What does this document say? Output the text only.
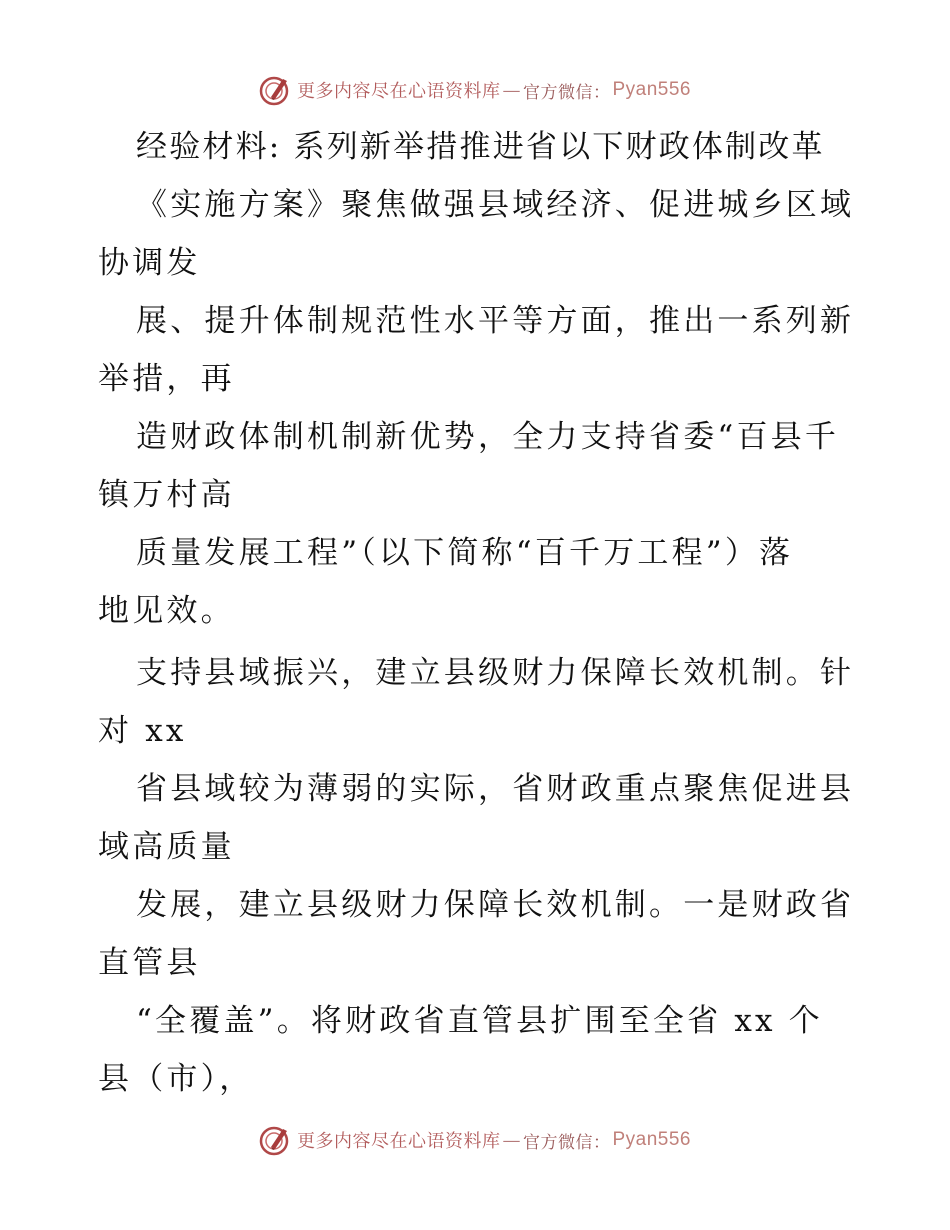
更多内容尽在心语资料库 — 官方微信： Pyan556
经验材料: 系列新举措推进省以下财政体制改革
《实施方案》聚焦做强县域经济、促进城乡区域
协调发
展、提升体制规范性水平等方面，推出一系列新
举措，再
造财政体制机制新优势，全力支持省委“百县千
镇万村高
质量发展工程”（以下简称“百千万工程”）落
地见效。
支持县域振兴，建立县级财力保障长效机制。针
对 xx
省县域较为薄弱的实际，省财政重点聚焦促进县
域高质量
发展，建立县级财力保障长效机制。一是财政省
直管县
“全覆盖”。将财政省直管县扩围至全省 xx 个
县（市），
更多内容尽在心语资料库 — 官方微信： Pyan556
